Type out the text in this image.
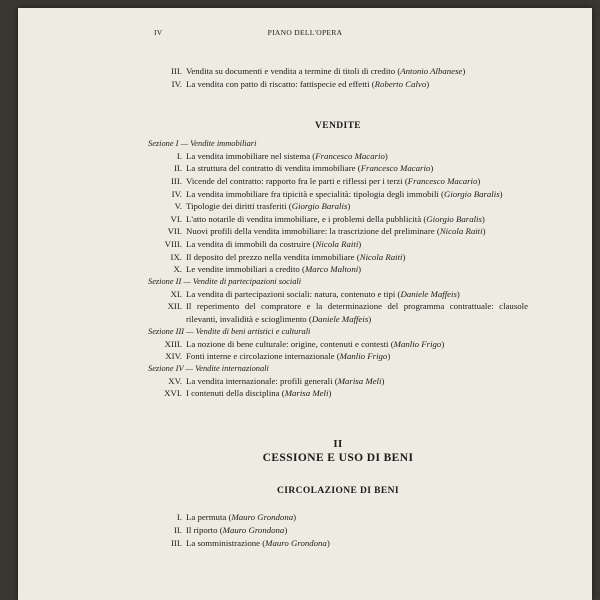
IV	PIANO DELL'OPERA
III. Vendita su documenti e vendita a termine di titoli di credito (Antonio Albanese)
IV. La vendita con patto di riscatto: fattispecie ed effetti (Roberto Calvo)
VENDITE
Sezione I — Vendite immobiliari
I. La vendita immobiliare nel sistema (Francesco Macario)
II. La struttura del contratto di vendita immobiliare (Francesco Macario)
III. Vicende del contratto: rapporto fra le parti e riflessi per i terzi (Francesco Macario)
IV. La vendita immobiliare fra tipicità e specialità: tipologia degli immobili (Giorgio Baralis)
V. Tipologie dei diritti trasferiti (Giorgio Baralis)
VI. L'atto notarile di vendita immobiliare, e i problemi della pubblicità (Giorgio Baralis)
VII. Nuovi profili della vendita immobiliare: la trascrizione del preliminare (Nicola Raiti)
VIII. La vendita di immobili da costruire (Nicola Raiti)
IX. Il deposito del prezzo nella vendita immobiliare (Nicola Raiti)
X. Le vendite immobiliari a credito (Marco Maltoni)
Sezione II — Vendite di partecipazioni sociali
XI. La vendita di partecipazioni sociali: natura, contenuto e tipi (Daniele Maffeis)
XII. Il reperimento del compratore e la determinazione del programma contrattuale: clausole rilevanti, invalidità e scioglimento (Daniele Maffeis)
Sezione III — Vendite di beni artistici e culturali
XIII. La nozione di bene culturale: origine, contenuti e contesti (Manlio Frigo)
XIV. Fonti interne e circolazione internazionale (Manlio Frigo)
Sezione IV — Vendite internazionali
XV. La vendita internazionale: profili generali (Marisa Meli)
XVI. I contenuti della disciplina (Marisa Meli)
II
CESSIONE E USO DI BENI
CIRCOLAZIONE DI BENI
I. La permuta (Mauro Grondona)
II. Il riporto (Mauro Grondona)
III. La somministrazione (Mauro Grondona)
